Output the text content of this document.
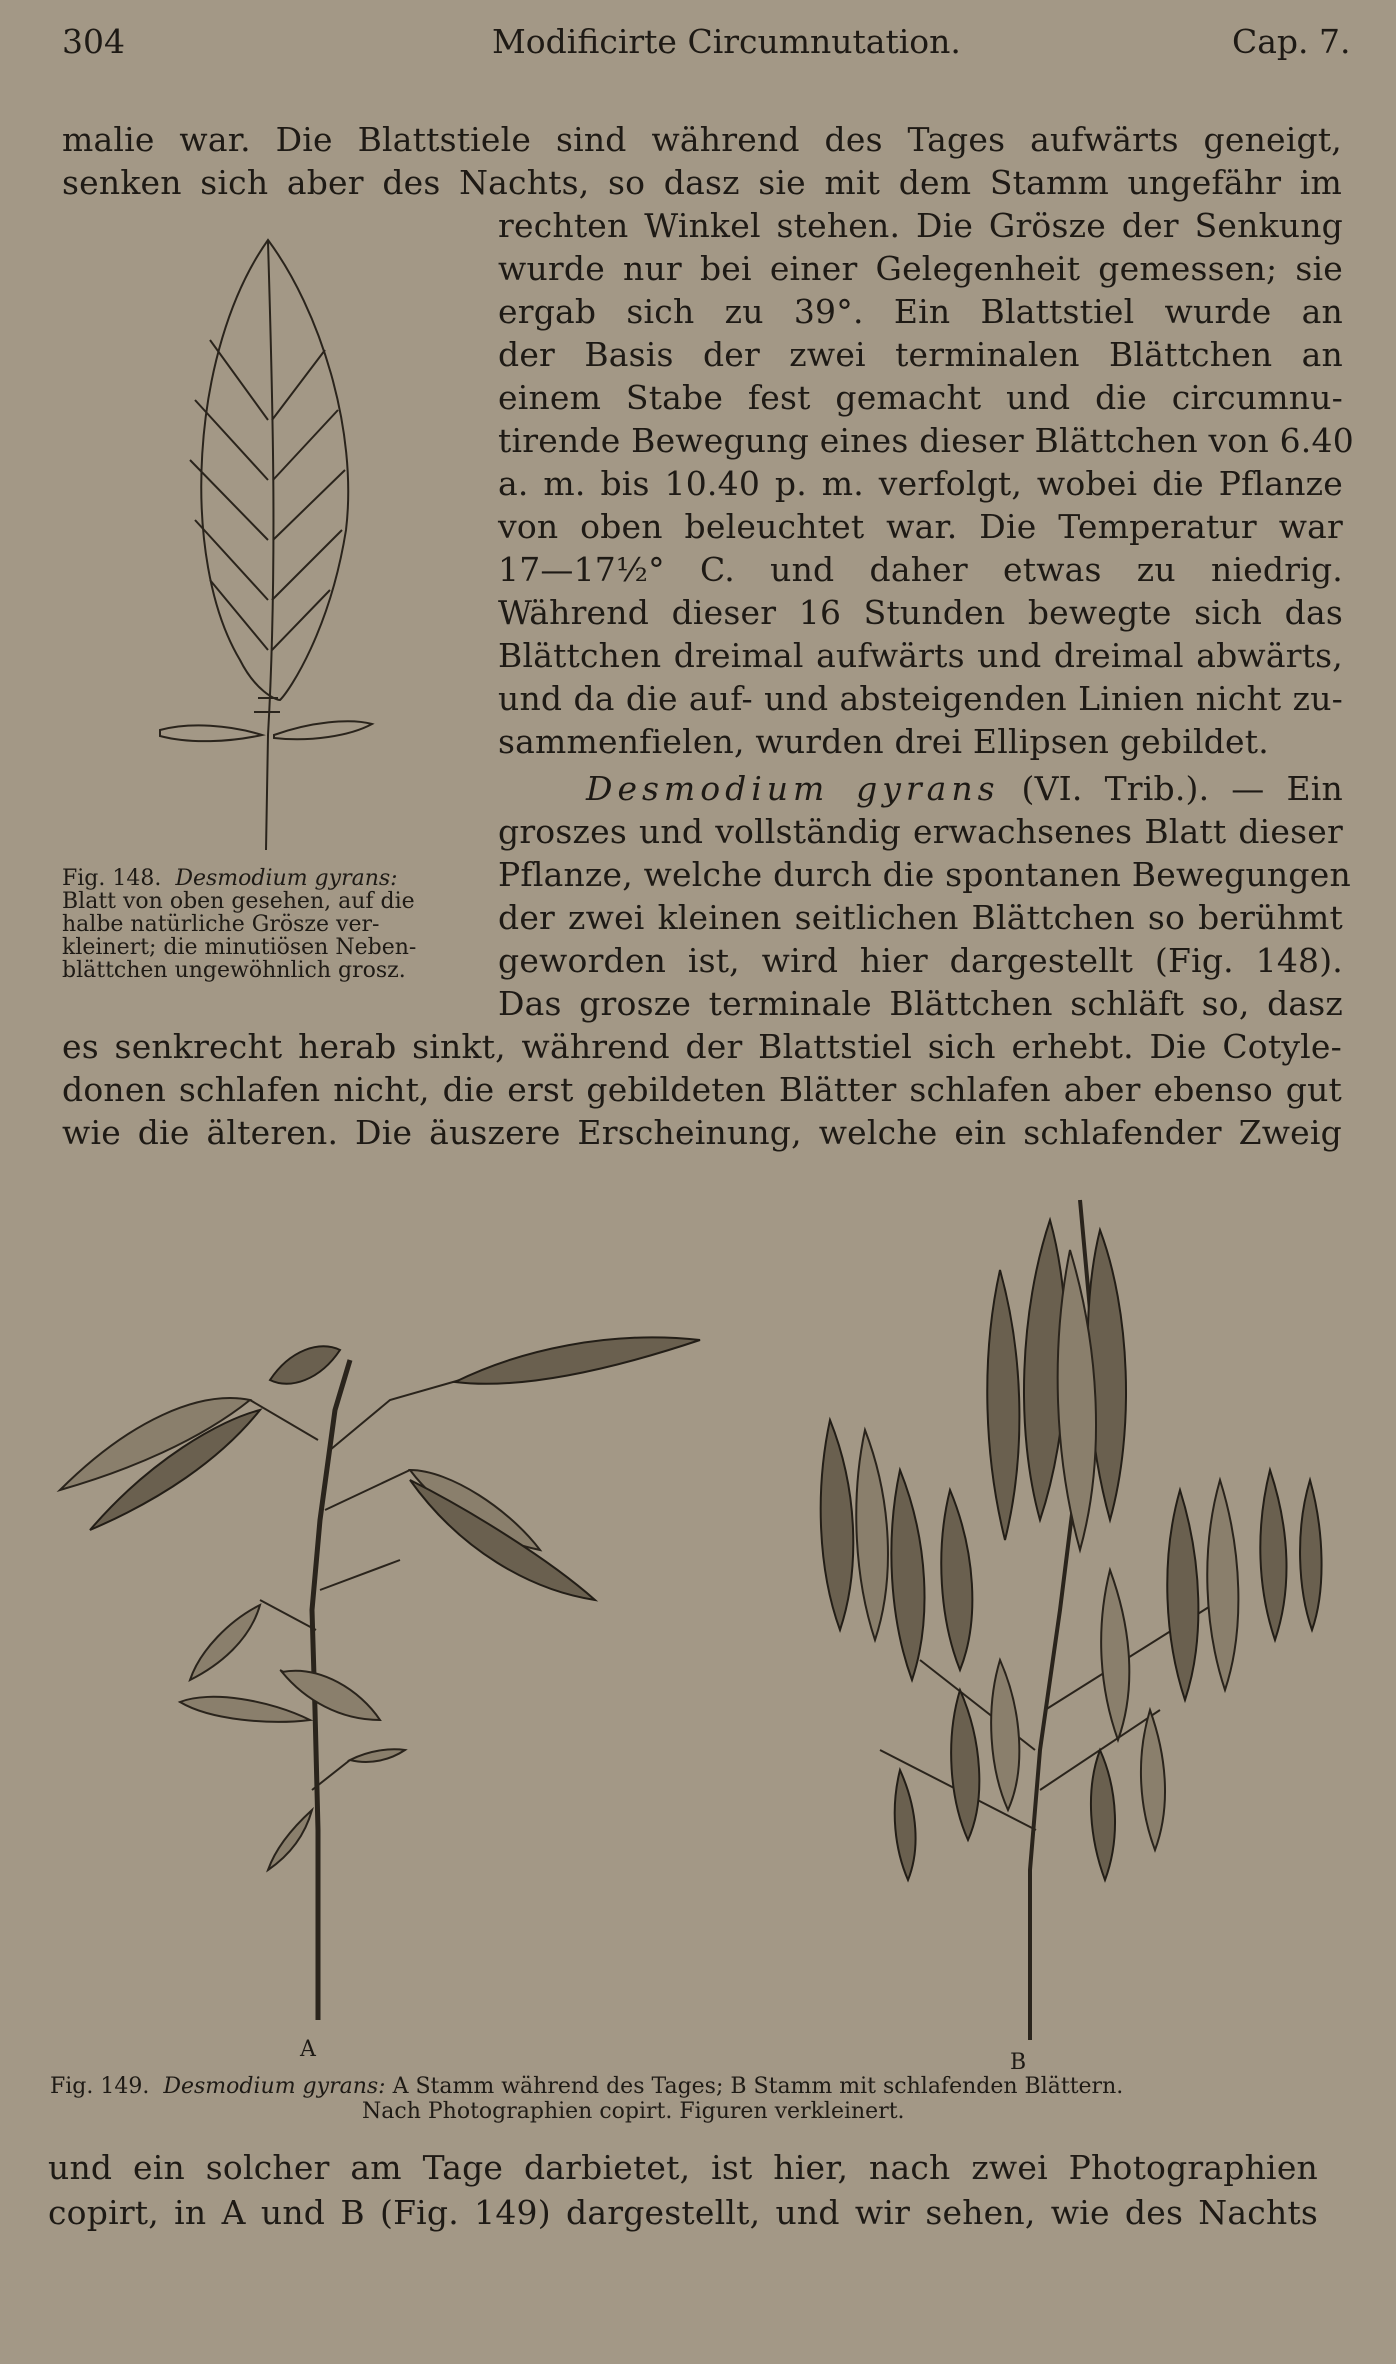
304	Modificirte Circumnutation.	Cap. 7.
malie war. Die Blattstiele sind während des Tages aufwärts geneigt,
senken sich aber des Nachts, so dasz sie mit dem Stamm ungefähr im
rechten Winkel stehen. Die Grösze der Senkung
wurde nur bei einer Gelegenheit gemessen; sie
ergab sich zu 39°. Ein Blattstiel wurde an
der Basis der zwei terminalen Blättchen an
einem Stabe fest gemacht und die circumnu-
tirende Bewegung eines dieser Blättchen von 6.40
a. m. bis 10.40 p. m. verfolgt, wobei die Pflanze
von oben beleuchtet war. Die Temperatur war
17—17½° C. und daher etwas zu niedrig.
Während dieser 16 Stunden bewegte sich das
Blättchen dreimal aufwärts und dreimal abwärts,
und da die auf- und absteigenden Linien nicht zu-
sammenfielen, wurden drei Ellipsen gebildet.
Desmodium gyrans (VI. Trib.). — Ein
groszes und vollständig erwachsenes Blatt dieser
Pflanze, welche durch die spontanen Bewegungen
der zwei kleinen seitlichen Blättchen so berühmt
geworden ist, wird hier dargestellt (Fig. 148).
Das grosze terminale Blättchen schläft so, dasz
es senkrecht herab sinkt, während der Blattstiel sich erhebt. Die Cotyle-
donen schlafen nicht, die erst gebildeten Blätter schlafen aber ebenso gut
wie die älteren. Die äuszere Erscheinung, welche ein schlafender Zweig
Fig. 148. Desmodium gyrans:
Blatt von oben gesehen, auf die
halbe natürliche Grösze ver-
kleinert; die minutiösen Neben-
blättchen ungewöhnlich grosz.
A
B
Fig. 149. Desmodium gyrans: A Stamm während des Tages; B Stamm mit schlafenden Blättern.
Nach Photographien copirt. Figuren verkleinert.
und ein solcher am Tage darbietet, ist hier, nach zwei Photographien
copirt, in A und B (Fig. 149) dargestellt, und wir sehen, wie des Nachts
